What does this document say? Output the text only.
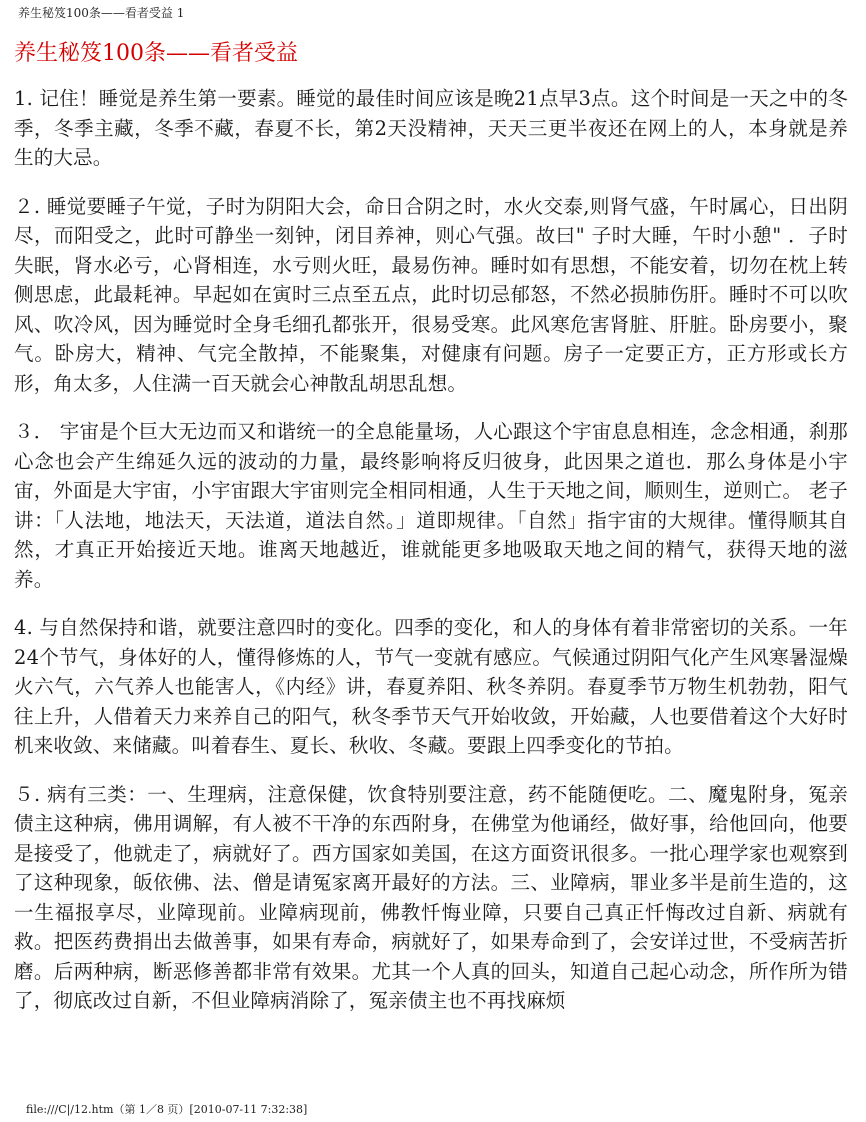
养生秘笈100条——看者受益 1
养生秘笈100条——看者受益

1. 记住！睡觉是养生第一要素。睡觉的最佳时间应该是晚21点早3点。这个时间是一天之中的冬季，冬季主藏，冬季不藏，春夏不长，第2天没精神，天天三更半夜还在网上的人，本身就是养生的大忌。

２. 睡觉要睡子午觉，子时为阴阳大会，命日合阴之时，水火交泰,则肾气盛，午时属心，日出阴尽，而阳受之，此时可静坐一刻钟，闭目养神，则心气强。故曰" 子时大睡，午时小憩" ．子时失眠，肾水必亏，心肾相连，水亏则火旺，最易伤神。睡时如有思想，不能安着，切勿在枕上转侧思虑，此最耗神。早起如在寅时三点至五点，此时切忌郁怒，不然必损肺伤肝。睡时不可以吹风、吹冷风，因为睡觉时全身毛细孔都张开，很易受寒。此风寒危害肾脏、肝脏。卧房要小，聚气。卧房大，精神、气完全散掉，不能聚集，对健康有问题。房子一定要正方，正方形或长方形，角太多，人住满一百天就会心神散乱胡思乱想。

３． 宇宙是个巨大无边而又和谐统一的全息能量场，人心跟这个宇宙息息相连，念念相通，刹那心念也会产生绵延久远的波动的力量，最终影响将反归彼身，此因果之道也．那么身体是小宇宙，外面是大宇宙，小宇宙跟大宇宙则完全相同相通，人生于天地之间，顺则生，逆则亡。 老子讲：「人法地，地法天，天法道，道法自然。」道即规律。「自然」指宇宙的大规律。懂得顺其自然，才真正开始接近天地。谁离天地越近，谁就能更多地吸取天地之间的精气，获得天地的滋养。

4. 与自然保持和谐，就要注意四时的变化。四季的变化，和人的身体有着非常密切的关系。一年 24个节气，身体好的人，懂得修炼的人，节气一变就有感应。气候通过阴阳气化产生风寒暑湿燥火六气，六气养人也能害人，《内经》讲，春夏养阳、秋冬养阴。春夏季节万物生机勃勃，阳气往上升，人借着天力来养自己的阳气，秋冬季节天气开始收敛，开始藏，人也要借着这个大好时机来收敛、来储藏。叫着春生、夏长、秋收、冬藏。要跟上四季变化的节拍。

５. 病有三类：一、生理病，注意保健，饮食特别要注意，药不能随便吃。二、魔鬼附身，冤亲债主这种病，佛用调解，有人被不干净的东西附身，在佛堂为他诵经，做好事，给他回向，他要是接受了，他就走了，病就好了。西方国家如美国，在这方面资讯很多。一批心理学家也观察到了这种现象，皈依佛、法、僧是请冤家离开最好的方法。三、业障病，罪业多半是前生造的，这一生福报享尽，业障现前。业障病现前，佛教忏悔业障，只要自己真正忏悔改过自新、病就有救。把医药费捐出去做善事，如果有寿命，病就好了，如果寿命到了，会安详过世，不受病苦折磨。后两种病，断恶修善都非常有效果。尤其一个人真的回头，知道自己起心动念，所作所为错了，彻底改过自新，不但业障病消除了，冤亲债主也不再找麻烦

file:///C|/12.htm（第 1／8 页）[2010-07-11 7:32:38]
